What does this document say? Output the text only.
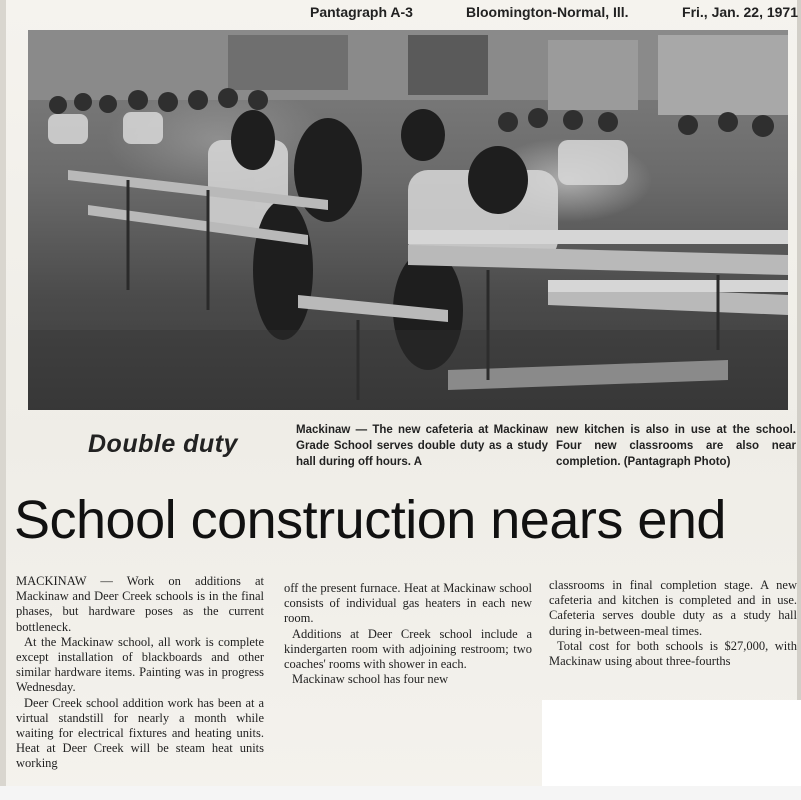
Pantagraph A-3	Bloomington-Normal, Ill.	Fri., Jan. 22, 1971
Double duty	Mackinaw — The new cafeteria at Mackinaw Grade School serves double duty as a study hall during off hours. A
new kitchen is also in use at the school. Four new classrooms are also near completion. (Pantagraph Photo)
School construction nears end

MACKINAW — Work on additions at Mackinaw and Deer Creek schools is in the final phases, but hardware poses as the current bottleneck.

At the Mackinaw school, all work is complete except installation of blackboards and other similar hardware items. Painting was in progress Wednesday.

Deer Creek school addition work has been at a virtual standstill for nearly a month while waiting for electrical fixtures and heating units. Heat at Deer Creek will be steam heat units working

off the present furnace. Heat at Mackinaw school consists of individual gas heaters in each new room.

Additions at Deer Creek school include a kindergarten room with adjoining restroom; two coaches' rooms with shower in each.

Mackinaw school has four new

classrooms in final completion stage. A new cafeteria and kitchen is completed and in use. Cafeteria serves double duty as a study hall during in-between-meal times.

Total cost for both schools is $27,000, with Mackinaw using about three-fourths
